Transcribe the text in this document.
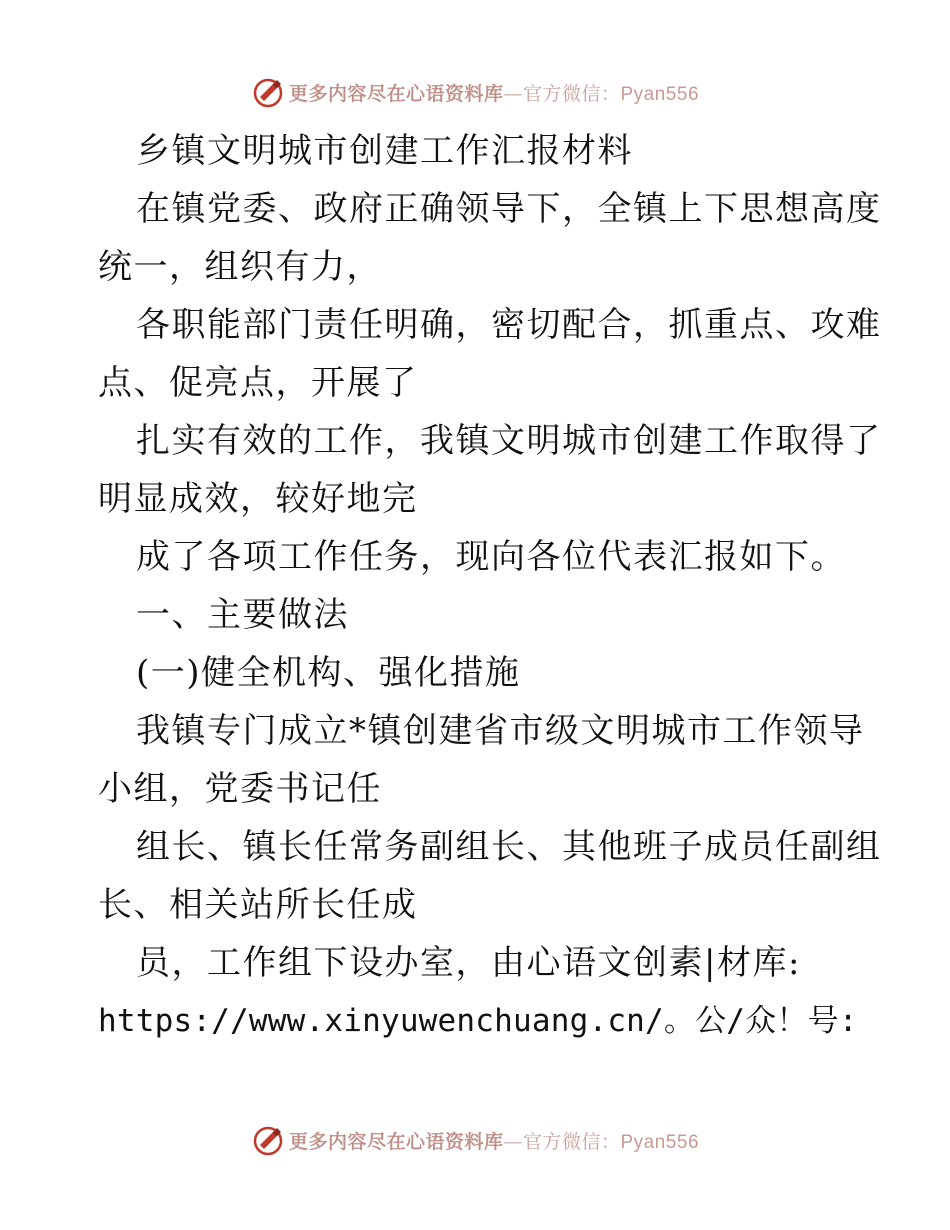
更多内容尽在心语资料库—官方微信：Pyan556
乡镇文明城市创建工作汇报材料
在镇党委、政府正确领导下，全镇上下思想高度
统一，组织有力，
各职能部门责任明确，密切配合，抓重点、攻难
点、促亮点，开展了
扎实有效的工作，我镇文明城市创建工作取得了
明显成效，较好地完
成了各项工作任务，现向各位代表汇报如下。
一、主要做法
(一)健全机构、强化措施
我镇专门成立*镇创建省市级文明城市工作领导
小组，党委书记任
组长、镇长任常务副组长、其他班子成员任副组
长、相关站所长任成
员，工作组下设办室，由心语文创素|材库:
https://www.xinyuwenchuang.cn/。公/众！号:
更多内容尽在心语资料库—官方微信：Pyan556
